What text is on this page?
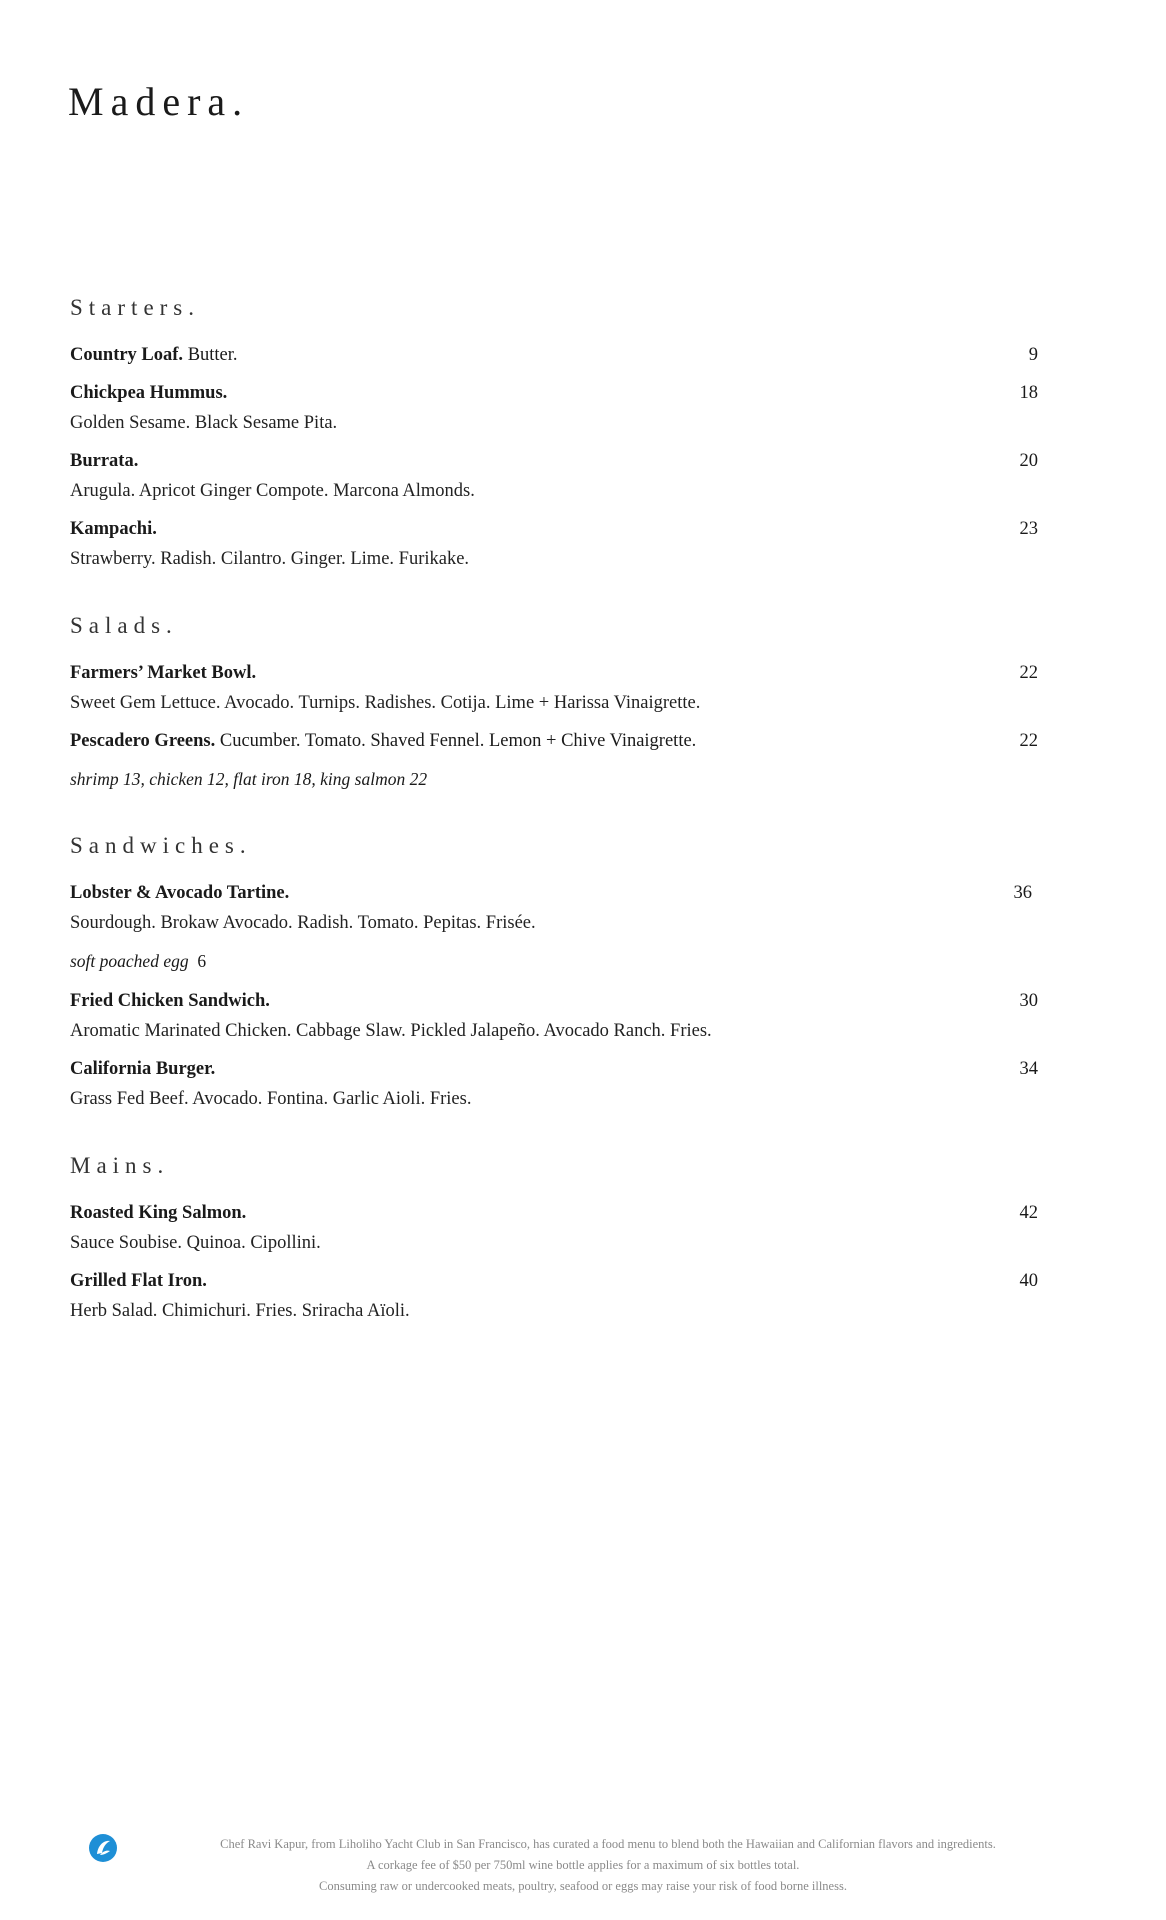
Madera.
Starters.
Country Loaf. Butter.	9
Chickpea Hummus.	18
Golden Sesame. Black Sesame Pita.
Burrata.	20
Arugula. Apricot Ginger Compote. Marcona Almonds.
Kampachi.	23
Strawberry. Radish. Cilantro. Ginger. Lime. Furikake.
Salads.
Farmers’ Market Bowl.	22
Sweet Gem Lettuce. Avocado. Turnips. Radishes. Cotija. Lime + Harissa Vinaigrette.
Pescadero Greens. Cucumber. Tomato. Shaved Fennel. Lemon + Chive Vinaigrette.	22
shrimp 13, chicken 12, flat iron 18, king salmon 22
Sandwiches.
Lobster & Avocado Tartine.	36
Sourdough. Brokaw Avocado. Radish. Tomato. Pepitas. Frisée.
soft poached egg 6
Fried Chicken Sandwich.	30
Aromatic Marinated Chicken. Cabbage Slaw. Pickled Jalapeño. Avocado Ranch. Fries.
California Burger.	34
Grass Fed Beef. Avocado. Fontina. Garlic Aioli. Fries.
Mains.
Roasted King Salmon.	42
Sauce Soubise. Quinoa. Cipollini.
Grilled Flat Iron.	40
Herb Salad. Chimichuri. Fries. Sriracha Aïoli.
Chef Ravi Kapur, from Liholiho Yacht Club in San Francisco, has curated a food menu to blend both the Hawaiian and Californian flavors and ingredients.
A corkage fee of $50 per 750ml wine bottle applies for a maximum of six bottles total.
Consuming raw or undercooked meats, poultry, seafood or eggs may raise your risk of food borne illness.
